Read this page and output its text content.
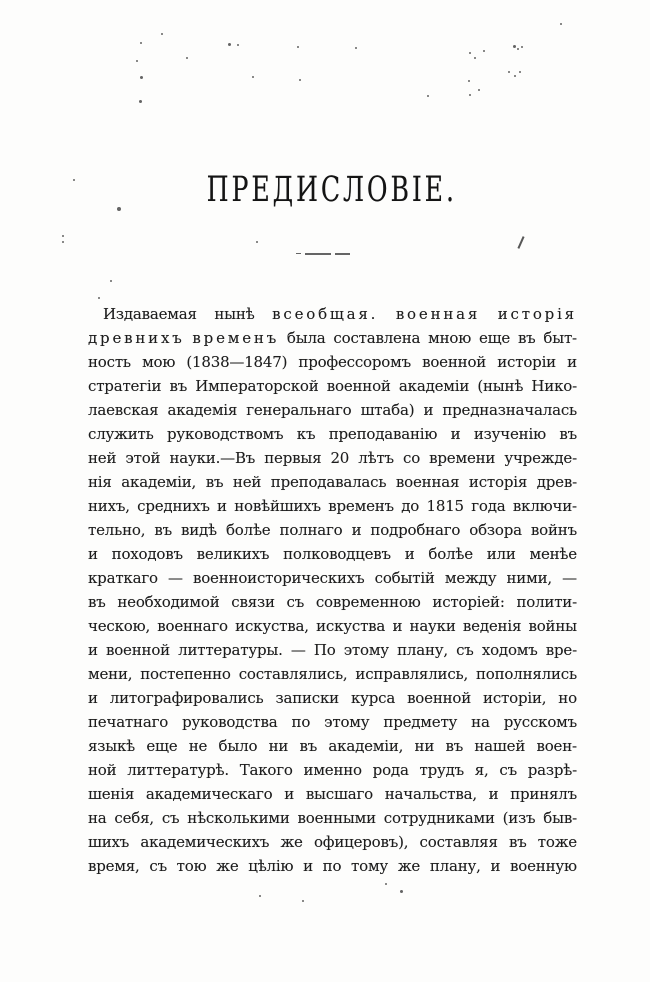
ПРЕДИСЛОВІЕ.
Издаваемая нынѣ всеобщая. военная исторія
древнихъ временъ была составлена мною еще въ быт-
ность мою (1838—1847) профессоромъ военной исторіи и
стратегіи въ Императорской военной академіи (нынѣ Нико-
лаевская академія генеральнаго штаба) и предназначалась
служить руководствомъ къ преподаванію и изученію въ
ней этой науки.—Въ первыя 20 лѣтъ со времени учрежде-
нія академіи, въ ней преподавалась военная исторія древ-
нихъ, среднихъ и новѣйшихъ временъ до 1815 года включи-
тельно, въ видѣ болѣе полнаго и подробнаго обзора войнъ
и походовъ великихъ полководцевъ и болѣе или менѣе
краткаго — военноисторическихъ событій между ними, —
въ необходимой связи съ современною исторіей: полити-
ческою, военнаго искуства, искуства и науки веденія войны
и военной литтературы. — По этому плану, съ ходомъ вре-
мени, постепенно составлялись, исправлялись, пополнялись
и литографировались записки курса военной исторіи, но
печатнаго руководства по этому предмету на русскомъ
языкѣ еще не было ни въ академіи, ни въ нашей воен-
ной литтературѣ. Такого именно рода трудъ я, съ разрѣ-
шенія академическаго и высшаго начальства, и принялъ
на себя, съ нѣсколькими военными сотрудниками (изъ быв-
шихъ академическихъ же офицеровъ), составляя въ тоже
время, съ тою же цѣлію и по тому же плану, и военную
